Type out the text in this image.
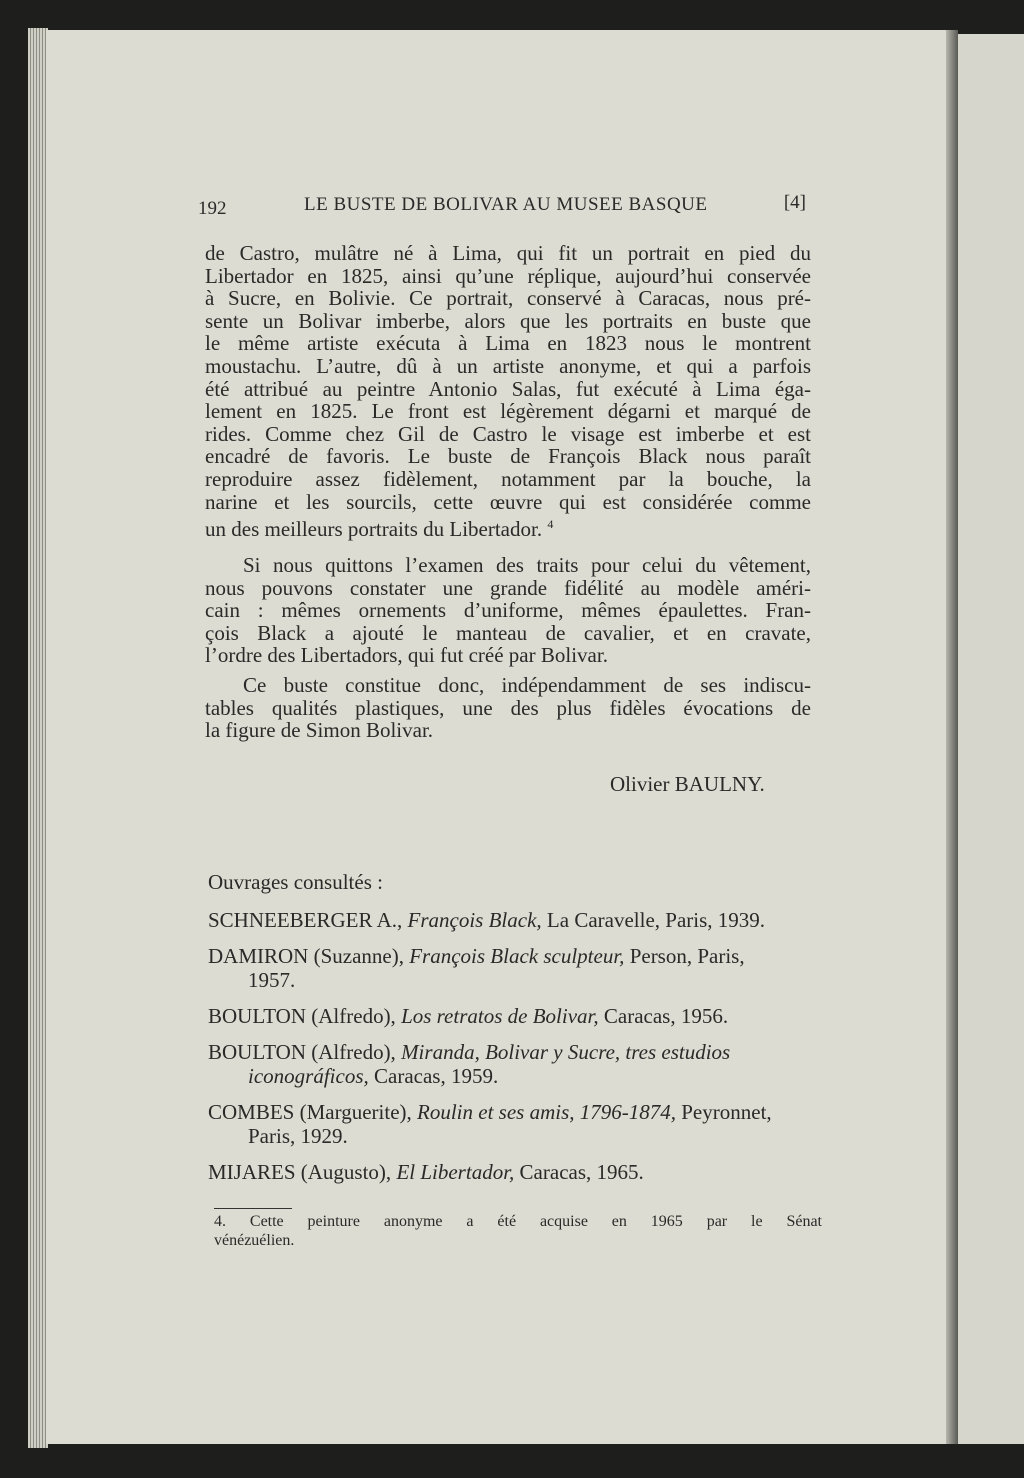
192	LE BUSTE DE BOLIVAR AU MUSEE BASQUE	[4]
de Castro, mulâtre né à Lima, qui fit un portrait en pied du
Libertador en 1825, ainsi qu’une réplique, aujourd’hui conservée
à Sucre, en Bolivie. Ce portrait, conservé à Caracas, nous pré-
sente un Bolivar imberbe, alors que les portraits en buste que
le même artiste exécuta à Lima en 1823 nous le montrent
moustachu. L’autre, dû à un artiste anonyme, et qui a parfois
été attribué au peintre Antonio Salas, fut exécuté à Lima éga-
lement en 1825. Le front est légèrement dégarni et marqué de
rides. Comme chez Gil de Castro le visage est imberbe et est
encadré de favoris. Le buste de François Black nous paraît
reproduire assez fidèlement, notamment par la bouche, la
narine et les sourcils, cette œuvre qui est considérée comme
un des meilleurs portraits du Libertador. $^4$
Si nous quittons l’examen des traits pour celui du vêtement,
nous pouvons constater une grande fidélité au modèle améri-
cain : mêmes ornements d’uniforme, mêmes épaulettes. Fran-
çois Black a ajouté le manteau de cavalier, et en cravate,
l’ordre des Libertadors, qui fut créé par Bolivar.
Ce buste constitue donc, indépendamment de ses indiscu-
tables qualités plastiques, une des plus fidèles évocations de
la figure de Simon Bolivar.
Olivier BAULNY.
Ouvrages consultés :
SCHNEEBERGER A., François Black, La Caravelle, Paris, 1939.
DAMIRON (Suzanne), François Black sculpteur, Person, Paris,
1957.
BOULTON (Alfredo), Los retratos de Bolivar, Caracas, 1956.
BOULTON (Alfredo), Miranda, Bolivar y Sucre, tres estudios
iconográficos, Caracas, 1959.
COMBES (Marguerite), Roulin et ses amis, 1796-1874, Peyronnet,
Paris, 1929.
MIJARES (Augusto), El Libertador, Caracas, 1965.
4. Cette peinture anonyme a été acquise en 1965 par le Sénat
vénézuélien.
